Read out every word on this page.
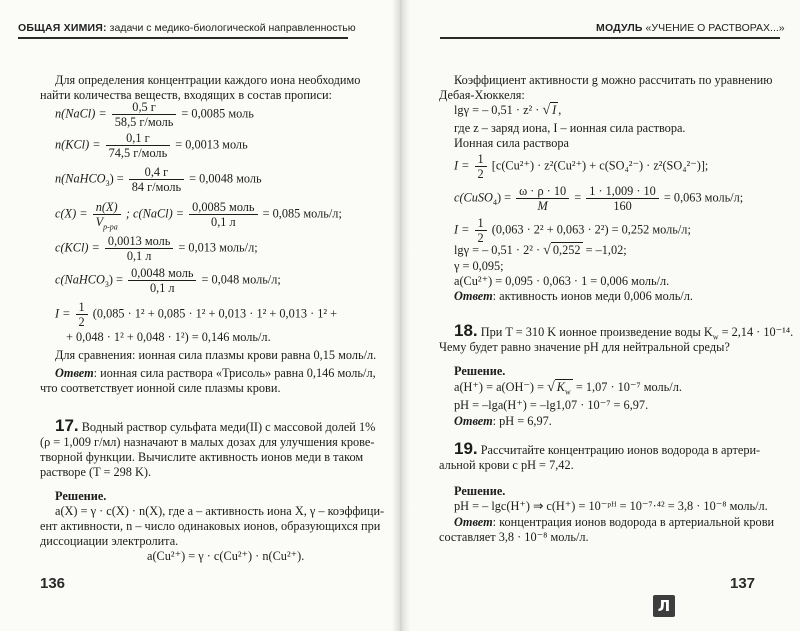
ОБЩАЯ ХИМИЯ: задачи с медико-биологической направленностью
Для определения концентрации каждого иона необходимо
найти количества веществ, входящих в состав прописи:
n(NaCl) = $\frac{0,5 г}{\text{58,5 г/моль}} = 0,0085$ моль
$n(KCl) = \frac{0,1 г}{\text{74,5 г/моль}} = 0,0013$ моль
n(NaHCO$_3$) = $\frac{0,4 г}{\text{84 г/моль}} = 0,0048$ моль
$c(X) = \frac{n(X)}{V_{р-ра}}$ ; c(NaCl) = $\frac{\text{0,0085 моль}}{0,1 л} = 0,085$ моль/л;
$c(KCl) = \frac{\text{0,0013 моль}}{0,1 л} = 0,013$ моль/л;
c(NaHCO$_3$) = $\frac{\text{0,0048 моль}}{0,1 л} = 0,048$ моль/л;
$I = \frac{1}{2} (0,085 \cdot 1^2 + 0,085 \cdot 1^2 + 0,013 \cdot 1^2 + 0,013 \cdot 1^2$ +
+ 0,048 · 1² + 0,048 · 1²) = 0,146 моль/л.
Для сравнения: ионная сила плазмы крови равна 0,15 моль/л.
Ответ: ионная сила раствора «Трисоль» равна 0,146 моль/л,
что соответствует ионной силе плазмы крови.
17. Водный раствор сульфата меди(II) с массовой долей 1%
(ρ = 1,009 г/мл) назначают в малых дозах для улучшения крове-
творной функции. Вычислите активность ионов меди в таком
растворе (T = 298 K).
Решение.
a(X) = γ · c(X) · n(X), где a – активность иона X, γ – коэффици-
ент активности, n – число одинаковых ионов, образующихся при
диссоциации электролита.
a(Cu²⁺) = γ · c(Cu²⁺) · n(Cu²⁺).
136
МОДУЛЬ «УЧЕНИЕ О РАСТВОРАХ...»
Коэффициент активности g можно рассчитать по уравнению
Дебая-Хюккеля:
lgγ = – 0,51 · z² · √ I ,
где z – заряд иона, I – ионная сила раствора.
Ионная сила раствора
$I = \frac{1}{2} [c(Cu^{2+}) \cdot z^2(Cu^{2+}) + c(SO_4^{2-}) \cdot z^2(SO_4^{2-})]$;
c(CuSO$_4$) = $\frac{\omega \cdot \rho \cdot 10}{M} = \frac{1 \cdot 1,009 \cdot 10}{160} = 0,063$ моль/л;
$I = \frac{1}{2} (0,063 \cdot 2^2 + 0,063 \cdot 2^2) = 0,252$ моль/л;
lgγ = – 0,51 · 2² · √ 0,252 = –1,02;
γ = 0,095;
a(Cu²⁺) = 0,095 · 0,063 · 1 = 0,006 моль/л.
Ответ: активность ионов меди 0,006 моль/л.
18. При T = 310 K ионное произведение воды $K_w = 2,14 \cdot 10^{-14}$.
Чему будет равно значение pH для нейтральной среды?
Решение.
a(H⁺) = a(OH⁻) = √ $K_w = 1,07 \cdot 10^{-7}$ моль/л.
pH = –lga(H⁺) = –lg1,07 · 10⁻⁷ = 6,97.
Ответ: pH = 6,97.
19. Рассчитайте концентрацию ионов водорода в артери-
альной крови с pH = 7,42.
Решение.
pH = – lgc(H⁺) ⇒ c(H⁺) = 10⁻ᵖᴴ = 10⁻⁷·⁴² = 3,8 · 10⁻⁸ моль/л.
Ответ: концентрация ионов водорода в артериальной крови
составляет 3,8 · 10⁻⁸ моль/л.
137
Л
